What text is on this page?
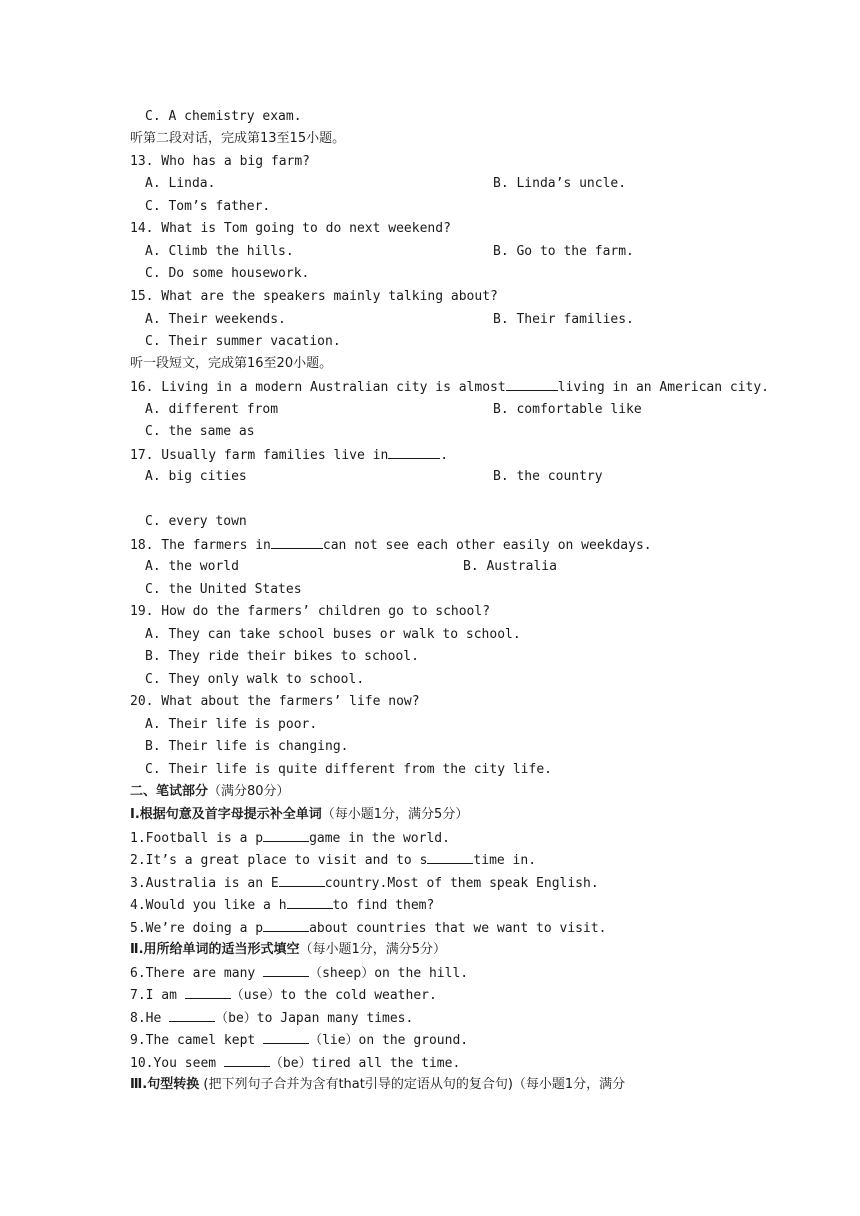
C. A chemistry exam.
听第二段对话，完成第13至15小题。
13. Who has a big farm?
A. Linda.	B. Linda’s uncle.
C. Tom’s father.
14. What is Tom going to do next weekend?
A. Climb the hills.	B. Go to the farm.
C. Do some housework.
15. What are the speakers mainly talking about?
A. Their weekends.	B. Their families.
C. Their summer vacation.
听一段短文，完成第16至20小题。
16. Living in a modern Australian city is almost	living in an American city.
A. different from	B. comfortable like
C. the same as
17. Usually farm families live in	.
A. big cities	B. the country
C. every town
18. The farmers in	can not see each other easily on weekdays.
A. the world	B. Australia
C. the United States
19. How do the farmers’ children go to school?
A. They can take school buses or walk to school.
B. They ride their bikes to school.
C. They only walk to school.
20. What about the farmers’ life now?
A. Their life is poor.
B. Their life is changing.
C. Their life is quite different from the city life.
二、笔试部分（满分80分）
Ⅰ.根据句意及首字母提示补全单词（每小题1分，满分5分）
1.Football is a p	game in the world.
2.It’s a great place to visit and to s	time in.
3.Australia is an E	country.Most of them speak English.
4.Would you like a h	to find them?
5.We’re doing a p	about countries that we want to visit.
Ⅱ.用所给单词的适当形式填空（每小题1分，满分5分）
6.There are many	（sheep）on the hill.
7.I am	（use）to the cold weather.
8.He	（be）to Japan many times.
9.The camel kept	（lie）on the ground.
10.You seem	（be）tired all the time.
Ⅲ.句型转换 (把下列句子合并为含有that引导的定语从句的复合句)（每小题1分，满分
